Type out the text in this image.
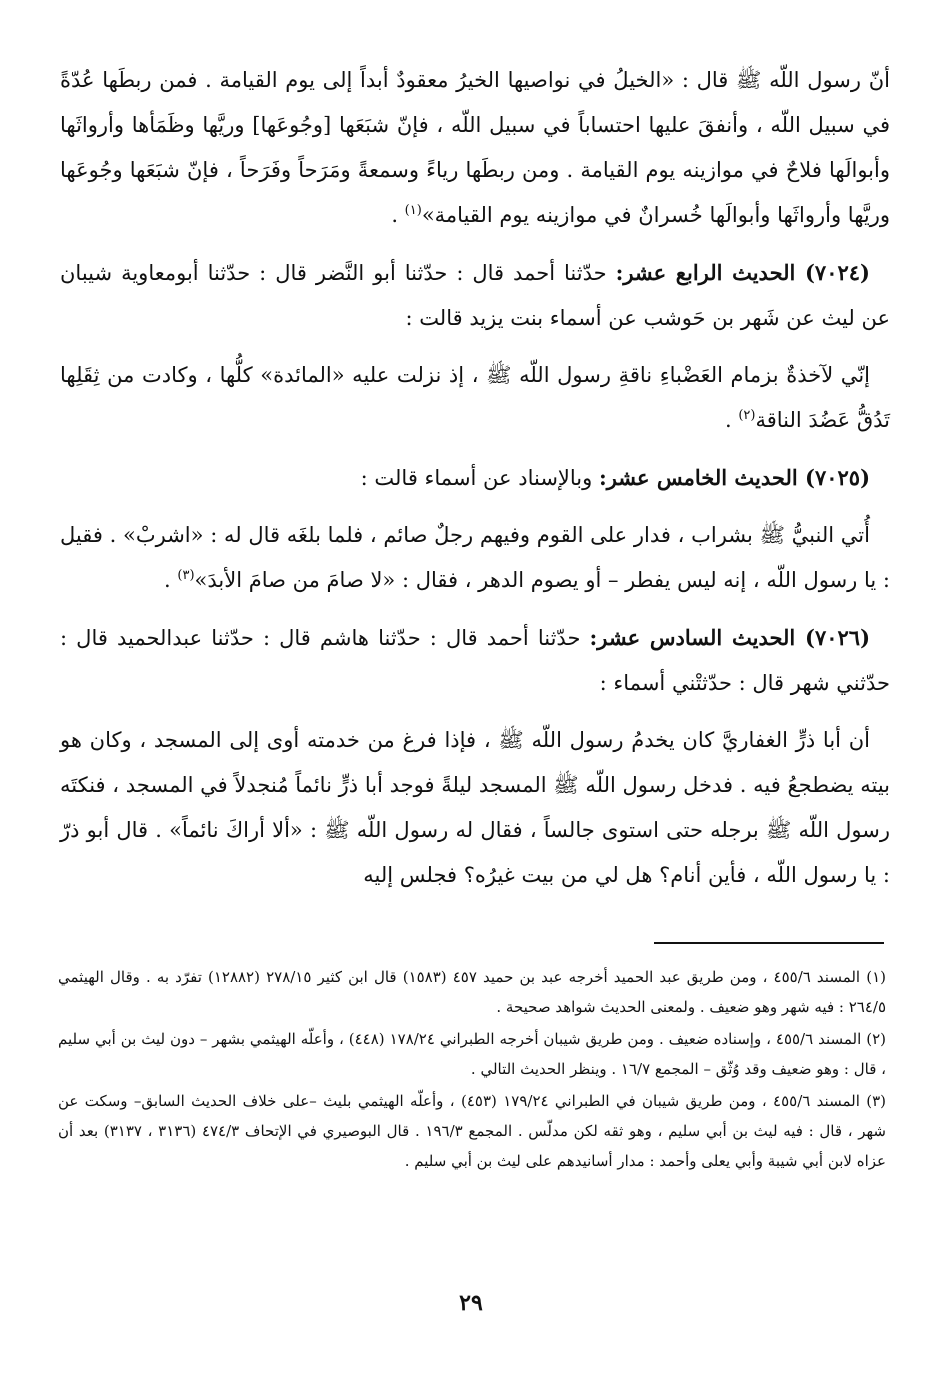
أنّ رسول اللّه ﷺ قال : «الخيلُ في نواصيها الخيرُ معقودٌ أبداً إلى يوم القيامة . فمن ربطَها عُدّةً في سبيل اللّه ، وأنفقَ عليها احتساباً في سبيل اللّه ، فإنّ شبَعَها [وجُوعَها] وريَّها وظَمَأها وأرواثَها وأبوالَها فلاحٌ في موازينه يوم القيامة . ومن ربطَها رياءً وسمعةً ومَرَحاً وفَرَحاً ، فإنّ شبَعَها وجُوعَها وريَّها وأرواثَها وأبوالَها خُسرانٌ في موازينه يوم القيامة»$^{(١)}$ .

(٧٠٢٤) الحديث الرابع عشر: حدّثنا أحمد قال : حدّثنا أبو النَّضر قال : حدّثنا أبومعاوية شيبان عن ليث عن شَهر بن حَوشب عن أسماء بنت يزيد قالت :

إنّي لآخذةٌ بزمام العَضْباءِ ناقةِ رسول اللّه ﷺ ، إذ نزلت عليه «المائدة» كلُّها ، وكادت من ثِقَلِها تَدُقُّ عَضُدَ الناقة$^{(٢)}$ .

(٧٠٢٥) الحديث الخامس عشر: وبالإسناد عن أسماء قالت :

أُتي النبيُّ ﷺ بشراب ، فدار على القوم وفيهم رجلٌ صائم ، فلما بلغَه قال له : «اشربْ» . فقيل : يا رسول اللّه ، إنه ليس يفطر – أو يصوم الدهر ، فقال : «لا صامَ من صامَ الأبدَ»$^{(٣)}$ .

(٧٠٢٦) الحديث السادس عشر: حدّثنا أحمد قال : حدّثنا هاشم قال : حدّثنا عبدالحميد قال : حدّثني شهر قال : حدّثتْني أسماء :

أن أبا ذرٍّ الغفاريَّ كان يخدمُ رسول اللّه ﷺ ، فإذا فرغ من خدمته أوى إلى المسجد ، وكان هو بيته يضطجعُ فيه . فدخل رسول اللّه ﷺ المسجد ليلةً فوجد أبا ذرٍّ نائماً مُنجدلاً في المسجد ، فنكتَه رسول اللّه ﷺ برجله حتى استوى جالساً ، فقال له رسول اللّه ﷺ : «ألا أراكَ نائماً» . قال أبو ذرّ : يا رسول اللّه ، فأين أنام؟ هل لي من بيت غيرُه؟ فجلس إليه

(١) المسند ٤٥٥/٦ ، ومن طريق عبد الحميد أخرجه عبد بن حميد ٤٥٧ (١٥٨٣) قال ابن كثير ٢٧٨/١٥ (١٢٨٨٢) تفرّد به . وقال الهيثمي ٢٦٤/٥ : فيه شهر وهو ضعيف . ولمعنى الحديث شواهد صحيحة .

(٢) المسند ٤٥٥/٦ ، وإسناده ضعيف . ومن طريق شيبان أخرجه الطبراني ١٧٨/٢٤ (٤٤٨) ، وأعلّه الهيثمي بشهر – دون ليث بن أبي سليم ، قال : وهو ضعيف وقد وُثّق – المجمع ١٦/٧ . وينظر الحديث التالي .

(٣) المسند ٤٥٥/٦ ، ومن طريق شيبان في الطبراني ١٧٩/٢٤ (٤٥٣) ، وأعلّه الهيثمي بليث –على خلاف الحديث السابق– وسكت عن شهر ، قال : فيه ليث بن أبي سليم ، وهو ثقه لكن مدلّس . المجمع ١٩٦/٣ . قال البوصيري في الإتحاف ٤٧٤/٣ (٣١٣٦ ، ٣١٣٧) بعد أن عزاه لابن أبي شيبة وأبي يعلى وأحمد : مدار أسانيدهم على ليث بن أبي سليم .

٢٩
